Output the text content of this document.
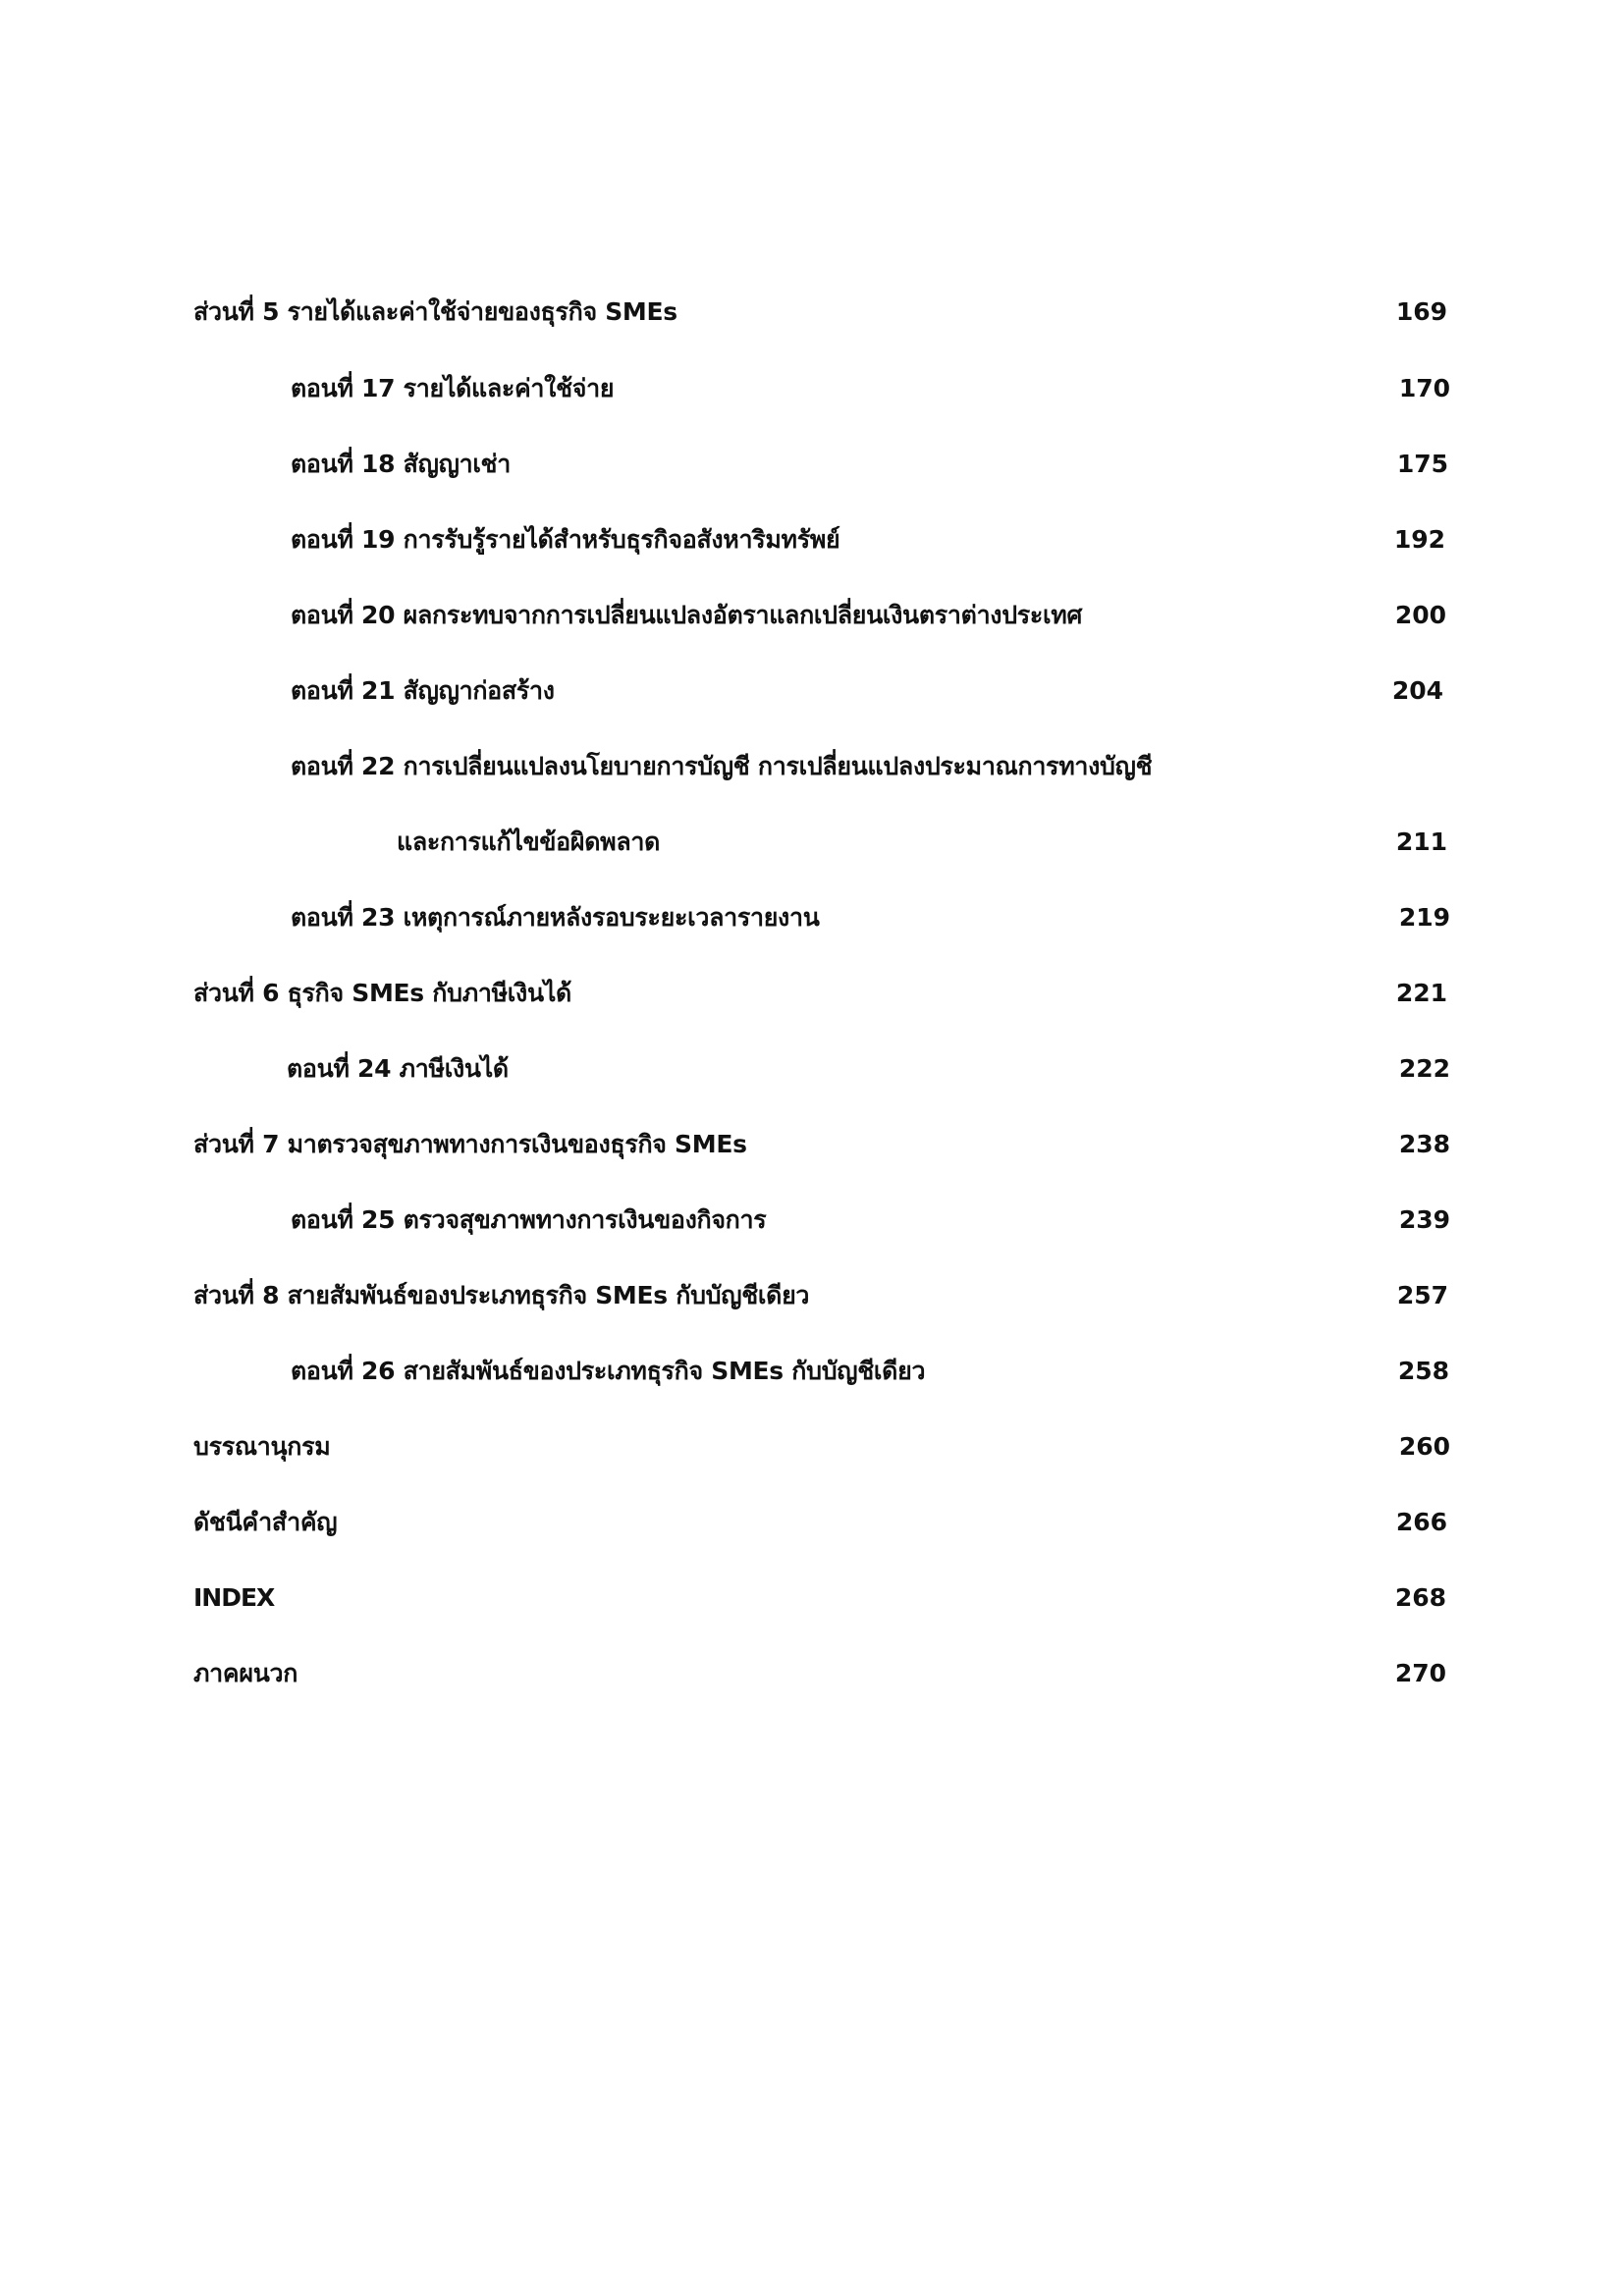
ส่วนที่ 5 รายได้และค่าใช้จ่ายของธุรกิจ SMEs	169
ตอนที่ 17 รายได้และค่าใช้จ่าย	170
ตอนที่ 18 สัญญาเช่า	175
ตอนที่ 19 การรับรู้รายได้สำหรับธุรกิจอสังหาริมทรัพย์	192
ตอนที่ 20 ผลกระทบจากการเปลี่ยนแปลงอัตราแลกเปลี่ยนเงินตราต่างประเทศ	200
ตอนที่ 21 สัญญาก่อสร้าง	204
ตอนที่ 22 การเปลี่ยนแปลงนโยบายการบัญชี การเปลี่ยนแปลงประมาณการทางบัญชี
และการแก้ไขข้อผิดพลาด	211
ตอนที่ 23 เหตุการณ์ภายหลังรอบระยะเวลารายงาน	219
ส่วนที่ 6 ธุรกิจ SMEs กับภาษีเงินได้	221
ตอนที่ 24 ภาษีเงินได้	222
ส่วนที่ 7 มาตรวจสุขภาพทางการเงินของธุรกิจ SMEs	238
ตอนที่ 25 ตรวจสุขภาพทางการเงินของกิจการ	239
ส่วนที่ 8 สายสัมพันธ์ของประเภทธุรกิจ SMEs กับบัญชีเดียว	257
ตอนที่ 26 สายสัมพันธ์ของประเภทธุรกิจ SMEs กับบัญชีเดียว	258
บรรณานุกรม	260
ดัชนีคำสำคัญ	266
INDEX	268
ภาคผนวก	270
